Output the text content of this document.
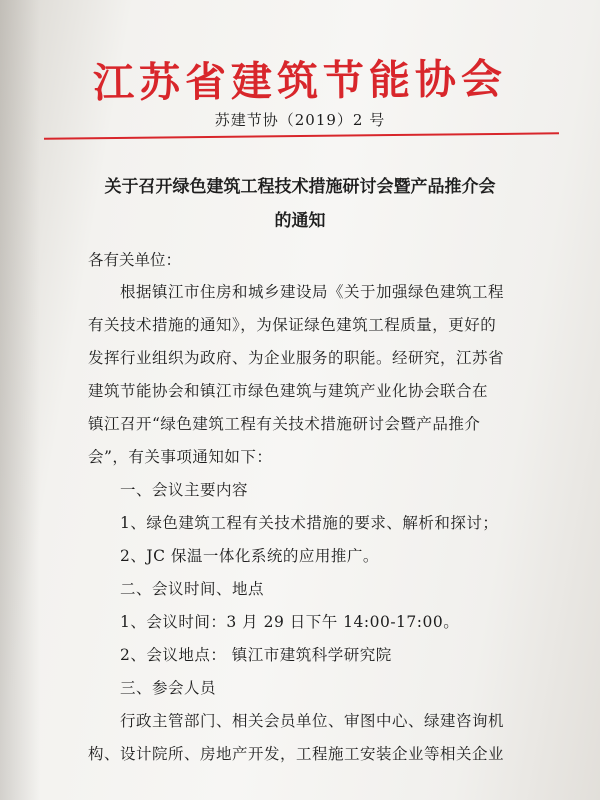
江苏省建筑节能协会
苏建节协（2019）2 号
关于召开绿色建筑工程技术措施研讨会暨产品推介会
的通知
各有关单位：
根据镇江市住房和城乡建设局《关于加强绿色建筑工程
有关技术措施的通知》，为保证绿色建筑工程质量，更好的
发挥行业组织为政府、为企业服务的职能。经研究，江苏省
建筑节能协会和镇江市绿色建筑与建筑产业化协会联合在
镇江召开“绿色建筑工程有关技术措施研讨会暨产品推介
会”，有关事项通知如下：
一、会议主要内容
1、绿色建筑工程有关技术措施的要求、解析和探讨；
2、JC 保温一体化系统的应用推广。
二、会议时间、地点
1、会议时间：3 月 29 日下午 14:00-17:00。
2、会议地点： 镇江市建筑科学研究院
三、参会人员
行政主管部门、相关会员单位、审图中心、绿建咨询机
构、设计院所、房地产开发，工程施工安装企业等相关企业
